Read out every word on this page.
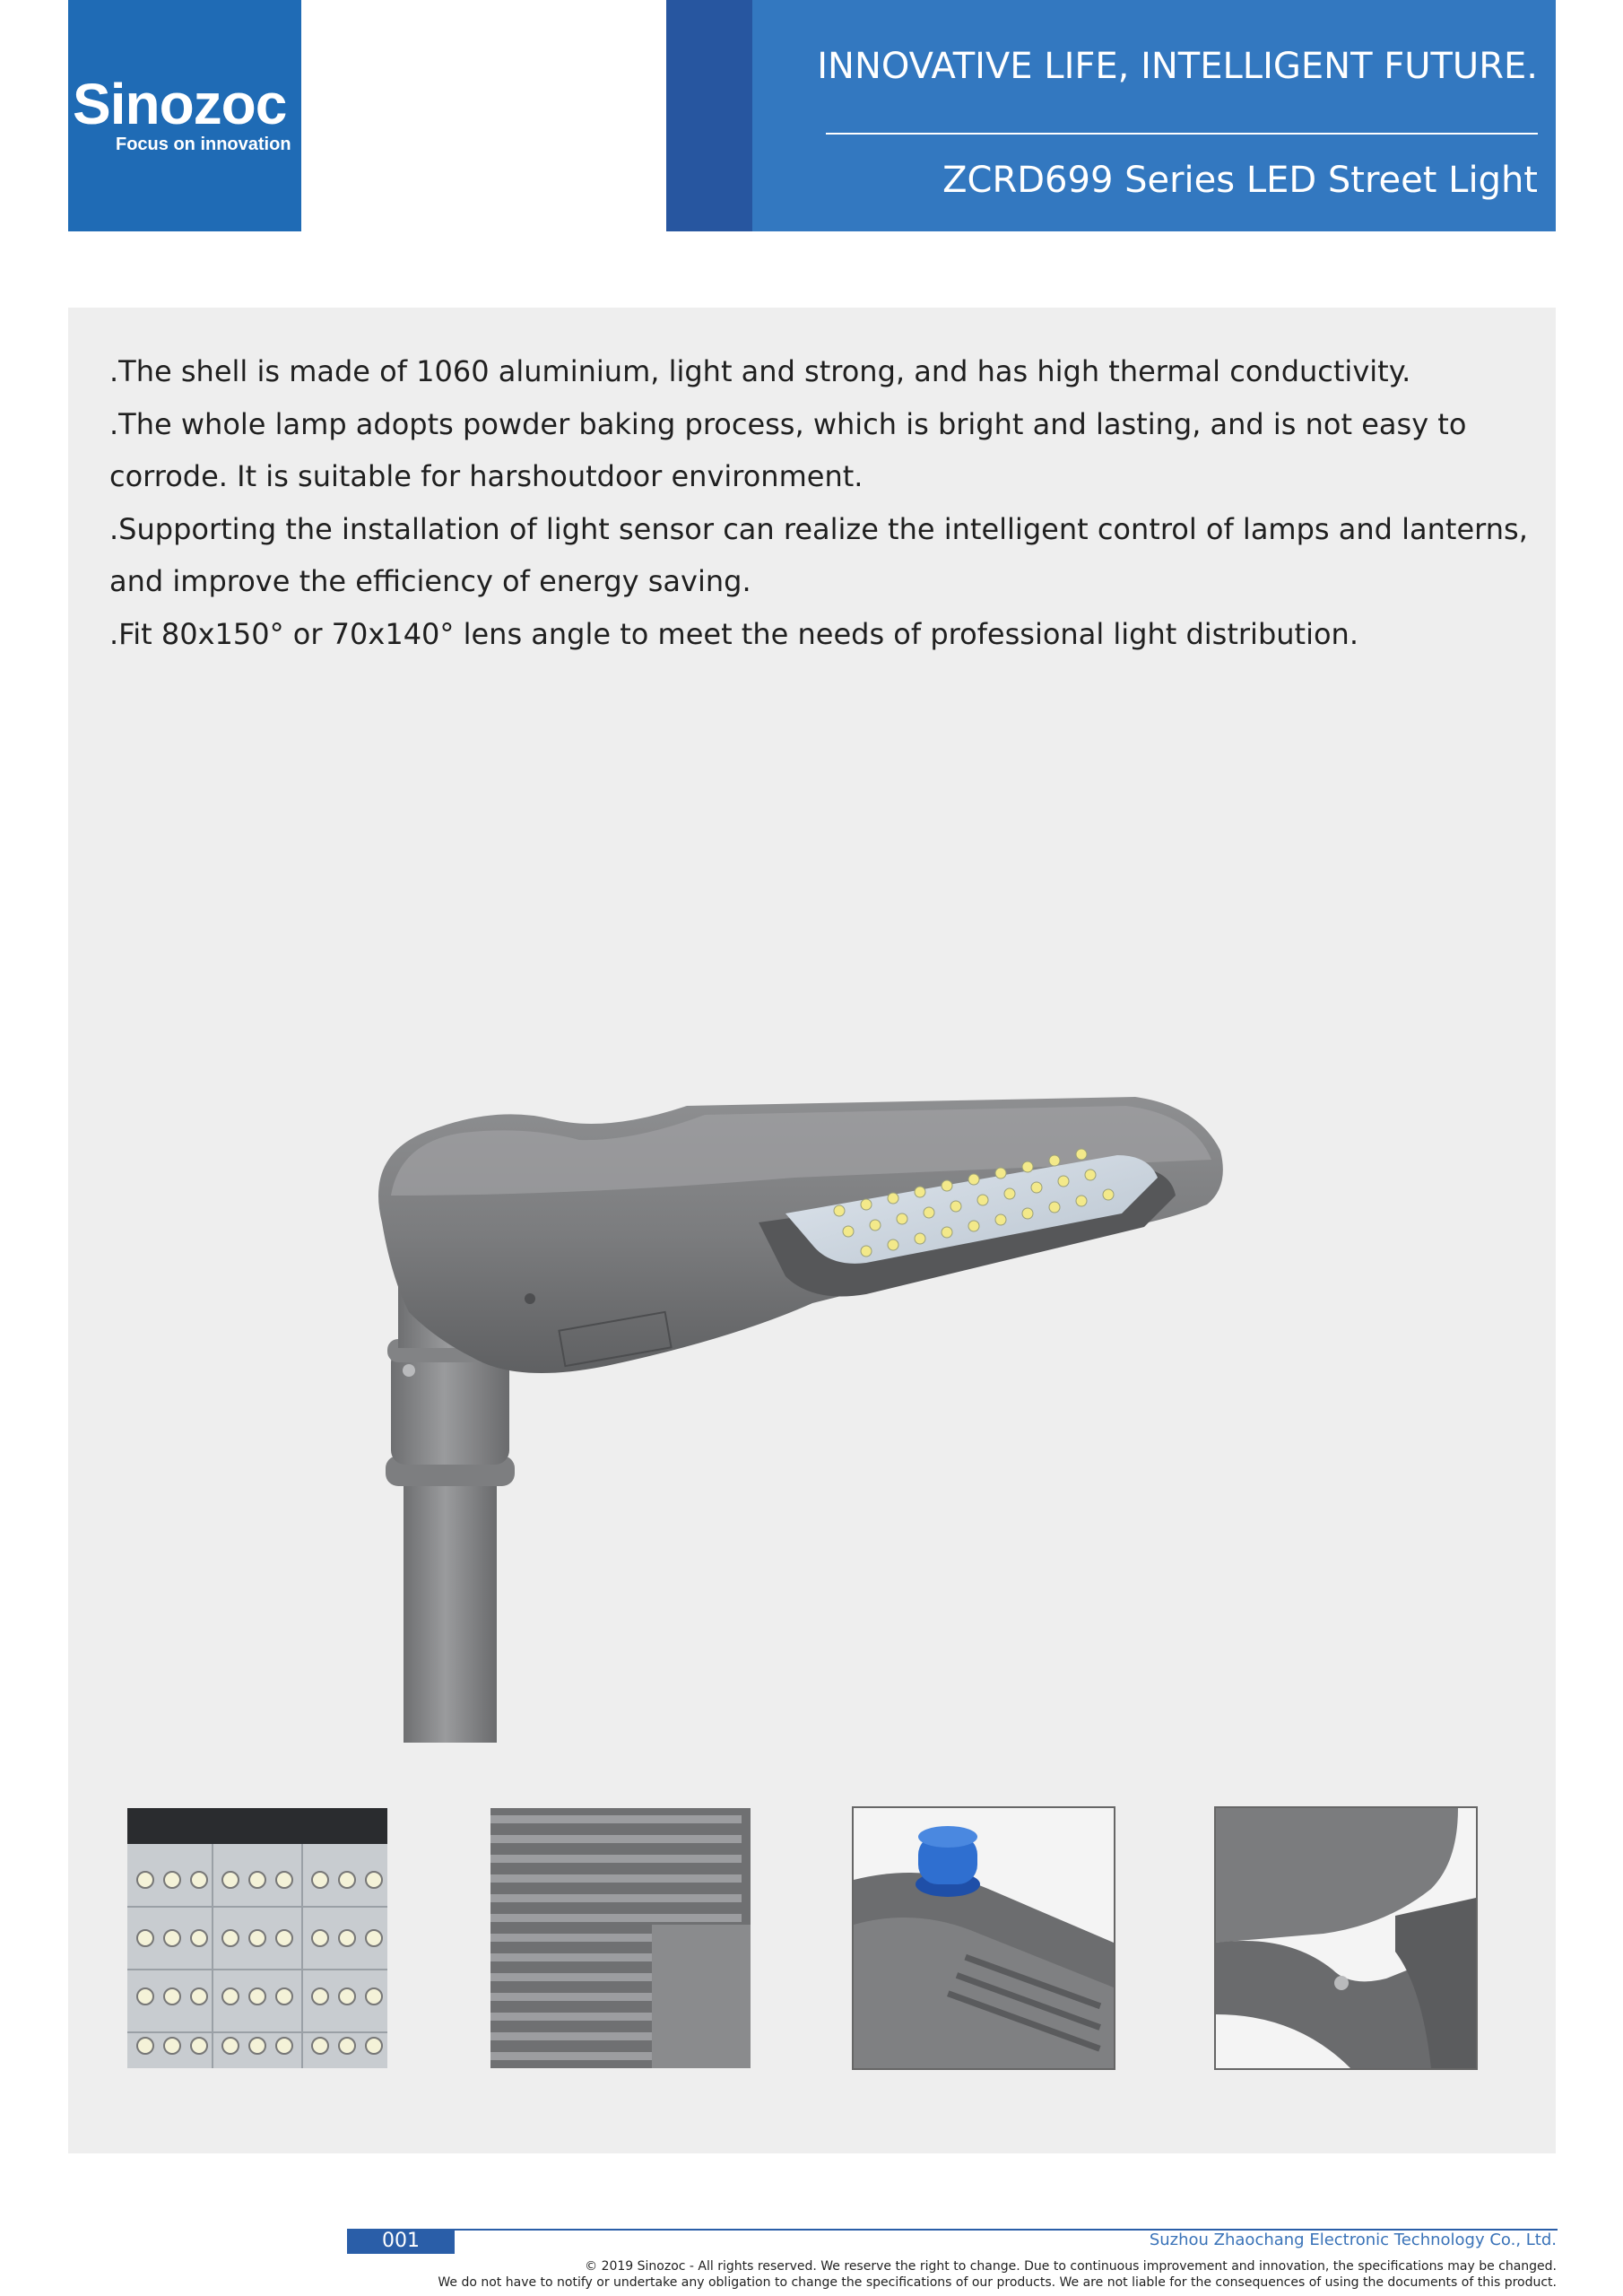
Sinozoc
Focus on innovation
INNOVATIVE LIFE, INTELLIGENT FUTURE.
ZCRD699 Series LED Street Light

.The shell is made of 1060 aluminium, light and strong, and has high thermal conductivity.

.The whole lamp adopts powder baking process, which is bright and lasting, and is not easy to corrode. It is suitable for harshoutdoor environment.

.Supporting the installation of light sensor can realize the intelligent control of lamps and lanterns, and improve the efficiency of energy saving.

.Fit 80x150° or 70x140° lens angle to meet the needs of professional light distribution.

001	Suzhou Zhaochang Electronic Technology Co., Ltd.
© 2019 Sinozoc - All rights reserved. We reserve the right to change. Due to continuous improvement and innovation, the specifications may be changed.
We do not have to notify or undertake any obligation to change the specifications of our products. We are not liable for the consequences of using the documents of this product.
